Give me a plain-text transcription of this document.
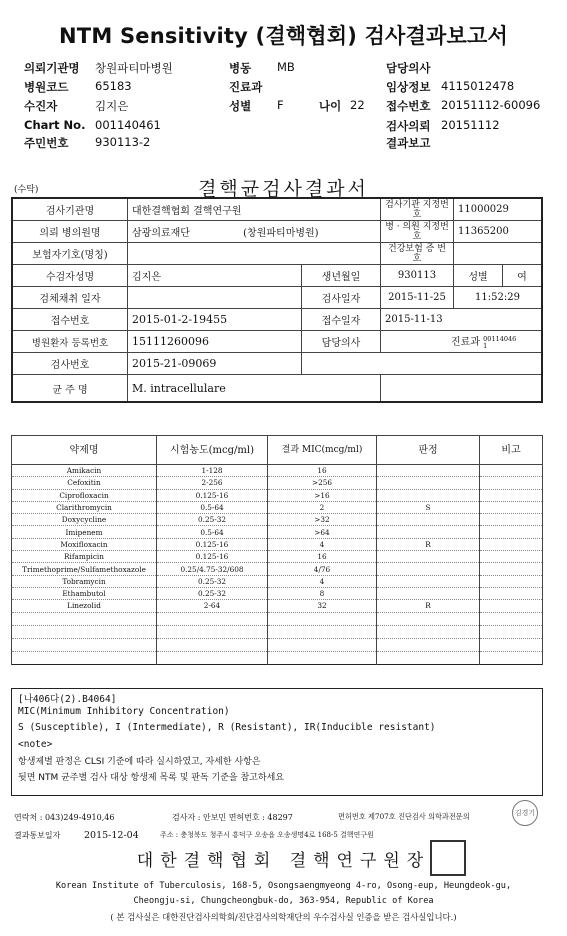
NTM Sensitivity (결핵협회) 검사결과보고서
의뢰기관명 창원파티마병원
병원코드 65183
수진자	김지은
Chart No. 001140461
주민번호 930113-2
병동 MB
진료과
성별 F	나이 22
담당의사
임상정보 4115012478
접수번호 20151112-60096
검사의뢰 20151112
결과보고
(수탁)	결핵균검사결과서
검사기관명	대한결핵협회 결핵연구원		검사기관 지정번호	11000029	
의뢰 병의원명	삼광의료재단 (창원파티마병원)		병 · 의원 지정번호	11365200	
보험자기호(명칭)			건강보험 증 번 호		
수검자성명	김지은	생년월일	930113	성별	여
검체채취 일자		검사일자	2015-11-25	11:52:29	
접수번호	2015-01-2-19455	접수일자	2015-11-13		
병원환자 등록번호	15111260096	담당의사	진료과 00114046 1		
검사번호	2015-21-09069				
균 주 명	M. intracellulare				
약제명	시험농도(mcg/ml)	결과 MIC(mcg/ml)	판정	비고
Amikacin	1-128	16		
Cefoxitin	2-256	>256		
Ciprofloxacin	0.125-16	>16		
Clarithromycin	0.5-64	2	S	
Doxycycline	0.25-32	>32		
Imipenem	0.5-64	>64		
Moxifloxacin	0.125-16	4	R	
Rifampicin	0.125-16	16		
Trimethoprime/Sulfamethoxazole	0.25/4.75-32/608	4/76		
Tobramycin	0.25-32	4		
Ethambutol	0.25-32	8		
Linezolid	2-64	32	R	

[나406다(2).B4064]
MIC(Minimum Inhibitory Concentration)
S (Susceptible), I (Intermediate), R (Resistant), IR(Inducible resistant)
<note>
항생제별 판정은 CLSI 기준에 따라 실시하였고, 자세한 사항은
뒷면 NTM 균주별 검사 대상 항생제 목록 및 판독 기준을 참고하세요
연락처 : 043)249-4910,46	검사자 : 안보민 면허번호 : 48297	면허번호 제707호 진단검사 의학과전문의	김경기
결과통보일자 2015-12-04	주소 : 충청북도 청주시 흥덕구 오송읍 오송생명4로 168-5 결핵연구원
대한결핵협회 결핵연구원장
Korean Institute of Tuberculosis, 168-5, Osongsaengmyeong 4-ro, Osong-eup, Heungdeok-gu,
Cheongju-si, Chungcheongbuk-do, 363-954, Republic of Korea
( 본 검사실은 대한진단검사의학회/진단검사의학재단의 우수검사실 인증을 받은 검사실입니다.)
